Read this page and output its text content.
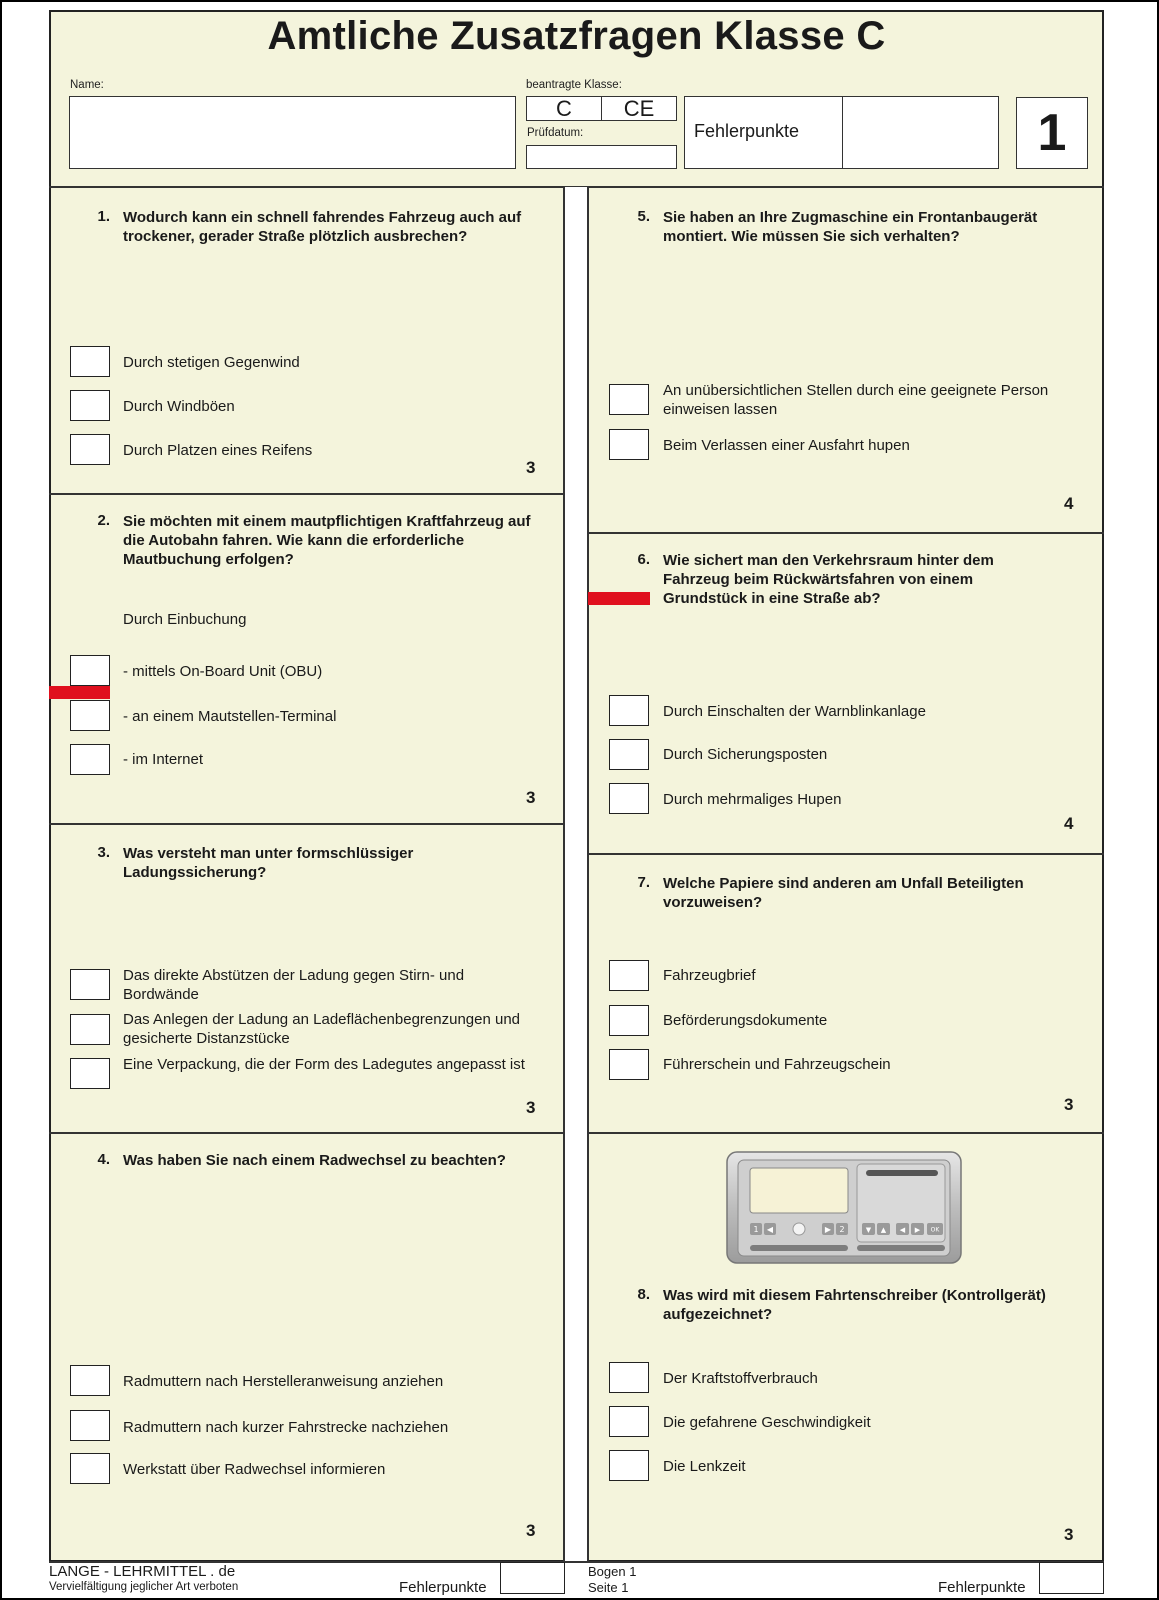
Amtliche Zusatzfragen Klasse C
Name:	beantragte Klasse:
C	CE
Prüfdatum:	Fehlerpunkte	1
1. Wodurch kann ein schnell fahrendes Fahrzeug auch auf trockener, gerader Straße plötzlich ausbrechen?
Durch stetigen Gegenwind
Durch Windböen
Durch Platzen eines Reifens
3
2. Sie möchten mit einem mautpflichtigen Kraftfahrzeug auf die Autobahn fahren. Wie kann die erforderliche Mautbuchung erfolgen?
Durch Einbuchung
- mittels On-Board Unit (OBU)
- an einem Mautstellen-Terminal
- im Internet
3
3. Was versteht man unter formschlüssiger Ladungssicherung?
Das direkte Abstützen der Ladung gegen Stirn- und Bordwände
Das Anlegen der Ladung an Ladeflächenbegrenzungen und gesicherte Distanzstücke
Eine Verpackung, die der Form des Ladegutes angepasst ist
3
4. Was haben Sie nach einem Radwechsel zu beachten?
Radmuttern nach Herstelleranweisung anziehen
Radmuttern nach kurzer Fahrstrecke nachziehen
Werkstatt über Radwechsel informieren
3
5. Sie haben an Ihre Zugmaschine ein Frontanbaugerät montiert. Wie müssen Sie sich verhalten?
An unübersichtlichen Stellen durch eine geeignete Person einweisen lassen
Beim Verlassen einer Ausfahrt hupen
4
6. Wie sichert man den Verkehrsraum hinter dem Fahrzeug beim Rückwärtsfahren von einem Grundstück in eine Straße ab?
Durch Einschalten der Warnblinkanlage
Durch Sicherungsposten
Durch mehrmaliges Hupen
4
7. Welche Papiere sind anderen am Unfall Beteiligten vorzuweisen?
Fahrzeugbrief
Beförderungsdokumente
Führerschein und Fahrzeugschein
3
1 ◀	▶ 2	▼ ▲ ◀ ▶ OK
8. Was wird mit diesem Fahrtenschreiber (Kontrollgerät) aufgezeichnet?
Der Kraftstoffverbrauch
Die gefahrene Geschwindigkeit
Die Lenkzeit
3
LANGE - LEHRMITTEL . de
Vervielfältigung jeglicher Art verboten	Fehlerpunkte
Bogen 1
Seite 1	Fehlerpunkte
